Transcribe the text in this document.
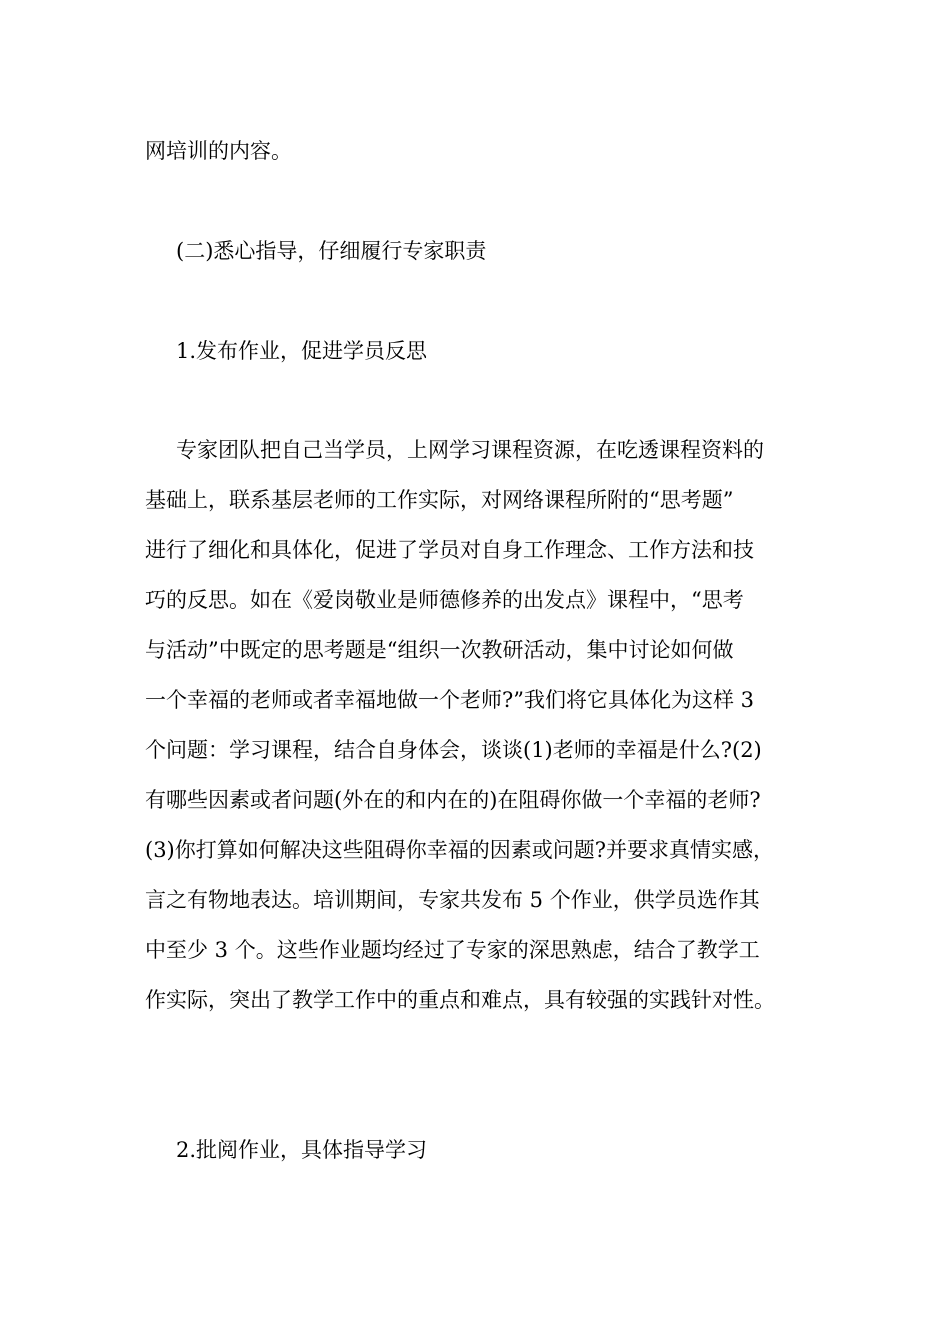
网培训的内容。
(二)悉心指导，仔细履行专家职责
1.发布作业，促进学员反思
专家团队把自己当学员，上网学习课程资源，在吃透课程资料的
基础上，联系基层老师的工作实际，对网络课程所附的“思考题”
进行了细化和具体化，促进了学员对自身工作理念、工作方法和技
巧的反思。如在《爱岗敬业是师德修养的出发点》课程中，“思考
与活动”中既定的思考题是“组织一次教研活动，集中讨论如何做
一个幸福的老师或者幸福地做一个老师?”我们将它具体化为这样 3
个问题：学习课程，结合自身体会，谈谈(1)老师的幸福是什么?(2)
有哪些因素或者问题(外在的和内在的)在阻碍你做一个幸福的老师?
(3)你打算如何解决这些阻碍你幸福的因素或问题?并要求真情实感，
言之有物地表达。培训期间，专家共发布 5 个作业，供学员选作其
中至少 3 个。这些作业题均经过了专家的深思熟虑，结合了教学工
作实际，突出了教学工作中的重点和难点，具有较强的实践针对性。
2.批阅作业，具体指导学习
